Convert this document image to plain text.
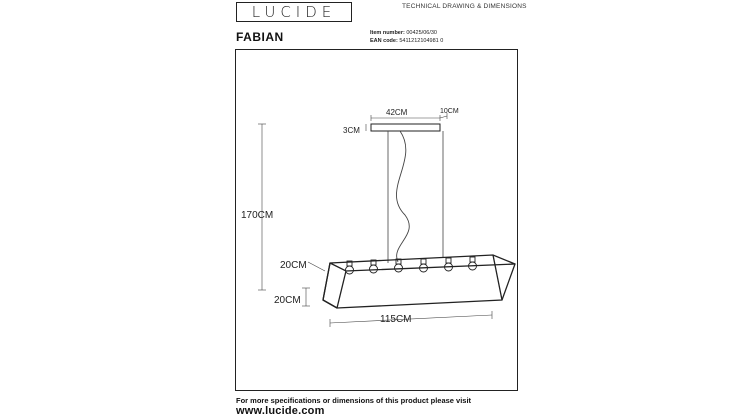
LUCIDE	TECHNICAL DRAWING & DIMENSIONS
FABIAN	Item number: 00425/06/30
EAN code: 5411212104981 0
42CM	10CM
3CM
170CM
20CM
20CM
115CM
For more specifications or dimensions of this product please visit
www.lucide.com
